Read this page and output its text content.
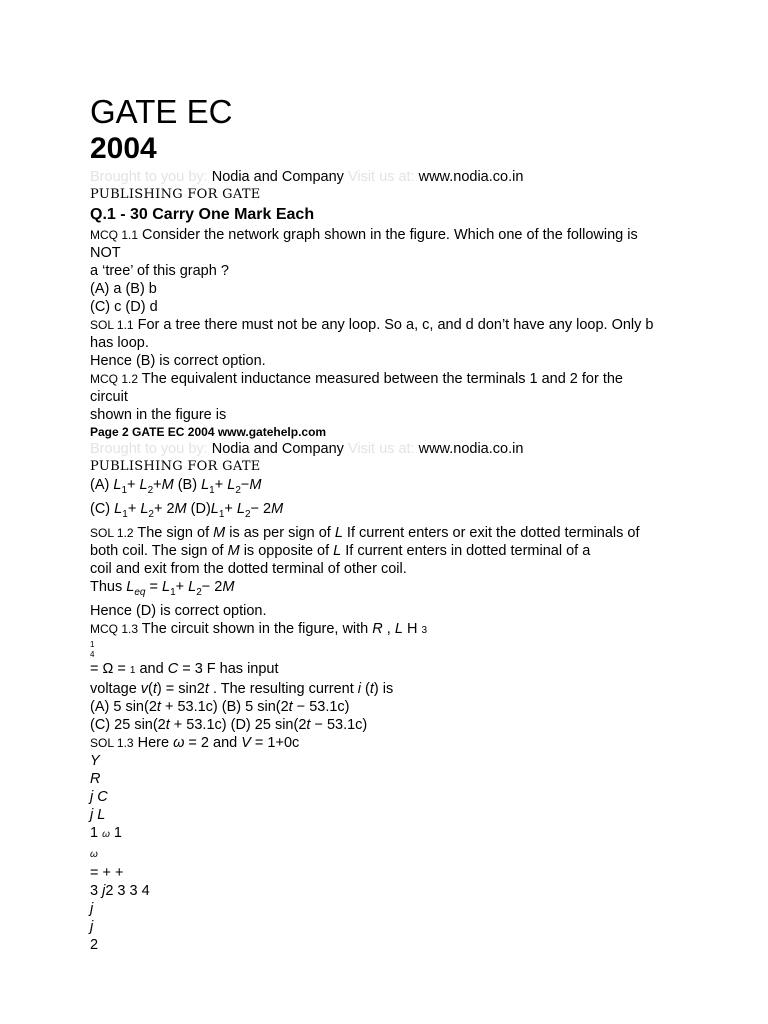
GATE EC
2004
Brought to you by: Nodia and Company Visit us at: www.nodia.co.in
PUBLISHING FOR GATE
Q.1 - 30 Carry One Mark Each
MCQ 1.1 Consider the network graph shown in the figure. Which one of the following is
NOT
a ‘tree’ of this graph ?
(A) a (B) b
(C) c (D) d
SOL 1.1 For a tree there must not be any loop. So a, c, and d don’t have any loop. Only b
has loop.
Hence (B) is correct option.
MCQ 1.2 The equivalent inductance measured between the terminals 1 and 2 for the
circuit
shown in the figure is
Page 2 GATE EC 2004 www.gatehelp.com
Brought to you by: Nodia and Company Visit us at: www.nodia.co.in
PUBLISHING FOR GATE
(A) $L_1+ L_2+M$ (B) $L_1+ L_2-M$
(C) $L_1+ L_2+ 2M$ $(D)L_1+ L_2- 2M$
SOL 1.2 The sign of M is as per sign of L If current enters or exit the dotted terminals of
both coil. The sign of M is opposite of L If current enters in dotted terminal of a
coil and exit from the dotted terminal of other coil.
Thus $L_{eq} = L_1+ L_2- 2M$
Hence (D) is correct option.
MCQ 1.3 The circuit shown in the figure, with R , L H 3
1
4
= Ω = 1 and C = 3 F has input
voltage v(t) = sin2t . The resulting current i (t) is
(A) 5 sin(2t + 53.1c) (B) 5 sin(2t − 53.1c)
(C) 25 sin(2t + 53.1c) (D) 25 sin(2t − 53.1c)
SOL 1.3 Here ω = 2 and V = 1+0c
Y
R
j C
j L
1 ω 1
ω
= + +
3 j2 3 3 4
j
j
2
